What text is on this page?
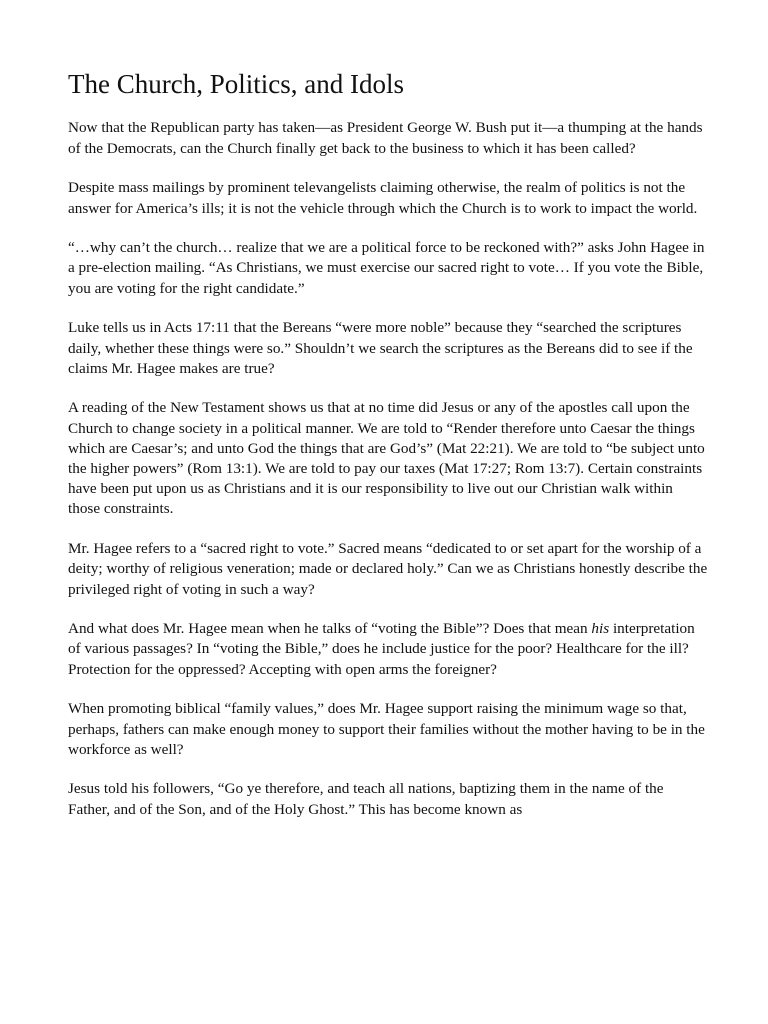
The Church, Politics, and Idols

Now that the Republican party has taken—as President George W. Bush put it—a thumping at the hands of the Democrats, can the Church finally get back to the business to which it has been called?

Despite mass mailings by prominent televangelists claiming otherwise, the realm of politics is not the answer for America’s ills; it is not the vehicle through which the Church is to work to impact the world.

“…why can’t the church… realize that we are a political force to be reckoned with?” asks John Hagee in a pre-election mailing. “As Christians, we must exercise our sacred right to vote… If you vote the Bible, you are voting for the right candidate.”

Luke tells us in Acts 17:11 that the Bereans “were more noble” because they “searched the scriptures daily, whether these things were so.” Shouldn’t we search the scriptures as the Bereans did to see if the claims Mr. Hagee makes are true?

A reading of the New Testament shows us that at no time did Jesus or any of the apostles call upon the Church to change society in a political manner. We are told to “Render therefore unto Caesar the things which are Caesar’s; and unto God the things that are God’s” (Mat 22:21). We are told to “be subject unto the higher powers” (Rom 13:1). We are told to pay our taxes (Mat 17:27; Rom 13:7). Certain constraints have been put upon us as Christians and it is our responsibility to live out our Christian walk within those constraints.

Mr. Hagee refers to a “sacred right to vote.” Sacred means “dedicated to or set apart for the worship of a deity; worthy of religious veneration; made or declared holy.” Can we as Christians honestly describe the privileged right of voting in such a way?

And what does Mr. Hagee mean when he talks of “voting the Bible”? Does that mean his interpretation of various passages? In “voting the Bible,” does he include justice for the poor? Healthcare for the ill? Protection for the oppressed? Accepting with open arms the foreigner?

When promoting biblical “family values,” does Mr. Hagee support raising the minimum wage so that, perhaps, fathers can make enough money to support their families without the mother having to be in the workforce as well?

Jesus told his followers, “Go ye therefore, and teach all nations, baptizing them in the name of the Father, and of the Son, and of the Holy Ghost.” This has become known as
